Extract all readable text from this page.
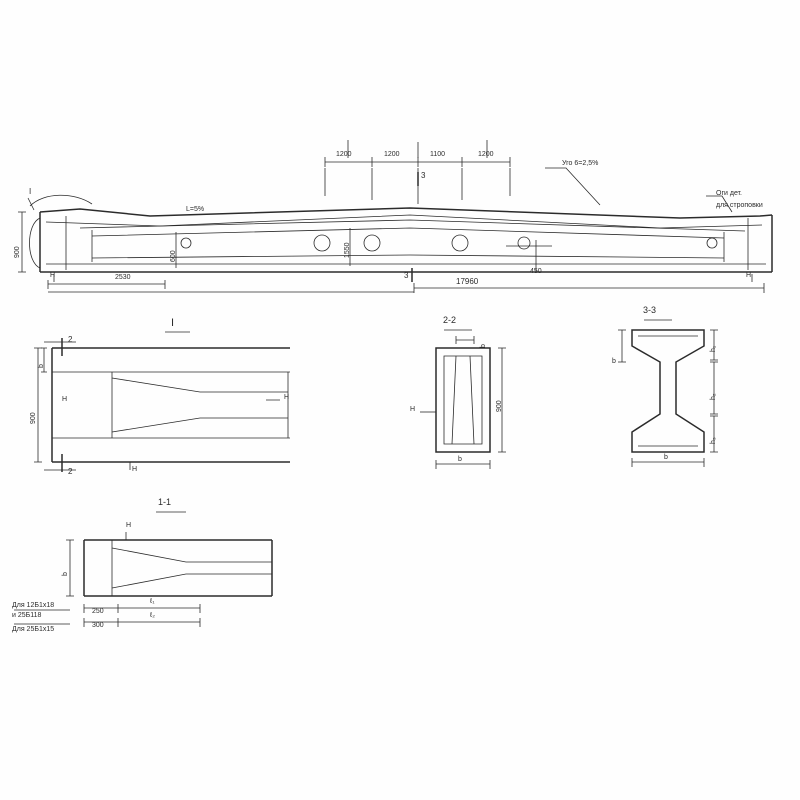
I
3
3
1200	1200	1100	1200
L=5%
Уго 6=2,5%
Оги дет.
для строповки
900
2530	17960
600	1550
450
Н	Н
I
2
2
900
b
Н
Н
Н
2-2
900
b
b
Н
3-3
b
b
h₁
h₂
h₃
1-1
Н
b
250
300
ℓ₁
ℓ₂
Для 12Б1х18
и 25Б118
Для 25Б1х15
